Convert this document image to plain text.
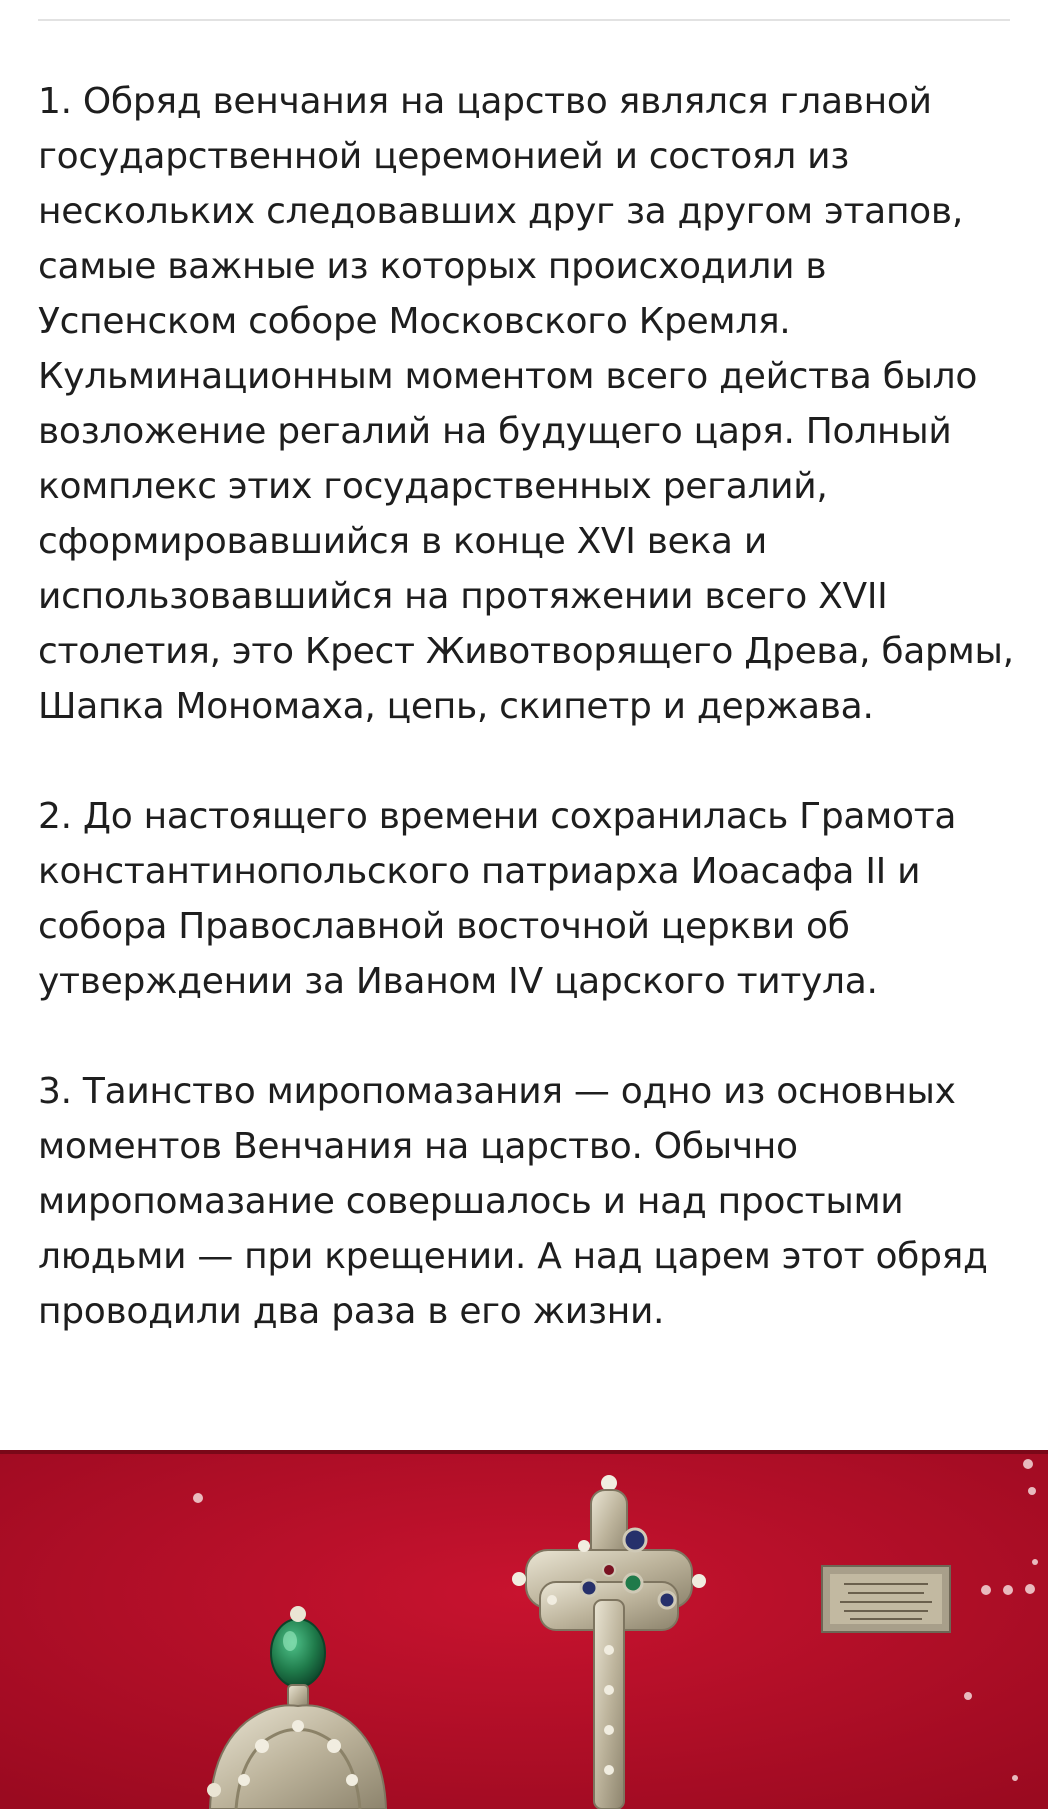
1. Обряд венчания на царство являлся главной государственной церемонией и состоял из нескольких следовавших друг за другом этапов, самые важные из которых происходили в Успенском соборе Московского Кремля. Кульминационным моментом всего действа было возложение регалий на будущего царя. Полный комплекс этих государственных регалий, сформировавшийся в конце XVI века и использовавшийся на протяжении всего XVII столетия, это Крест Животворящего Древа, бармы, Шапка Мономаха, цепь, скипетр и держава.

2. До настоящего времени сохранилась Грамота константинопольского патриарха Иоасафа II и собора Православной восточной церкви об утверждении за Иваном IV царского титула.

3. Таинство миропомазания — одно из основных моментов Венчания на царство. Обычно миропомазание совершалось и над простыми людьми — при крещении. А над царем этот обряд проводили два раза в его жизни.
